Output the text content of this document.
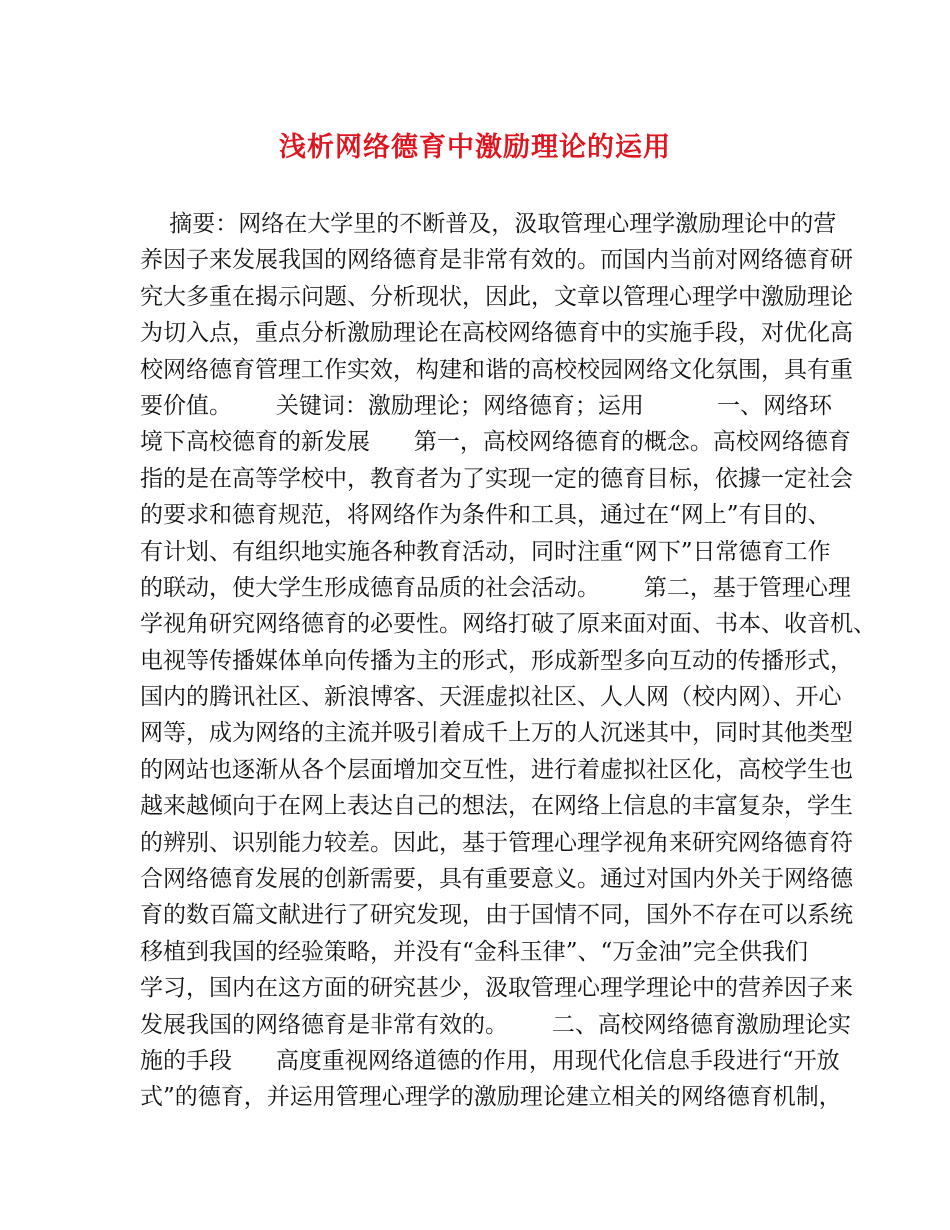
浅析网络德育中激励理论的运用
摘要：网络在大学里的不断普及，汲取管理心理学激励理论中的营
养因子来发展我国的网络德育是非常有效的。而国内当前对网络德育研
究大多重在揭示问题、分析现状，因此，文章以管理心理学中激励理论
为切入点，重点分析激励理论在高校网络德育中的实施手段，对优化高
校网络德育管理工作实效，构建和谐的高校校园网络文化氛围，具有重
要价值。      关键词：激励理论；网络德育；运用          一、网络环
境下高校德育的新发展      第一，高校网络德育的概念。高校网络德育
指的是在高等学校中，教育者为了实现一定的德育目标，依據一定社会
的要求和德育规范，将网络作为条件和工具，通过在“网上”有目的、
有计划、有组织地实施各种教育活动，同时注重“网下”日常德育工作
的联动，使大学生形成德育品质的社会活动。      第二，基于管理心理
学视角研究网络德育的必要性。网络打破了原来面对面、书本、收音机、
电视等传播媒体单向传播为主的形式，形成新型多向互动的传播形式，
国内的腾讯社区、新浪博客、天涯虚拟社区、人人网（校内网）、开心
网等，成为网络的主流并吸引着成千上万的人沉迷其中，同时其他类型
的网站也逐渐从各个层面增加交互性，进行着虚拟社区化，高校学生也
越来越倾向于在网上表达自己的想法，在网络上信息的丰富复杂，学生
的辨别、识别能力较差。因此，基于管理心理学视角来研究网络德育符
合网络德育发展的创新需要，具有重要意义。通过对国内外关于网络德
育的数百篇文献进行了研究发现，由于国情不同，国外不存在可以系统
移植到我国的经验策略，并没有“金科玉律”、“万金油”完全供我们
学习，国内在这方面的研究甚少，汲取管理心理学理论中的营养因子来
发展我国的网络德育是非常有效的。      二、高校网络德育激励理论实
施的手段      高度重视网络道德的作用，用现代化信息手段进行“开放
式”的德育，并运用管理心理学的激励理论建立相关的网络德育机制，
